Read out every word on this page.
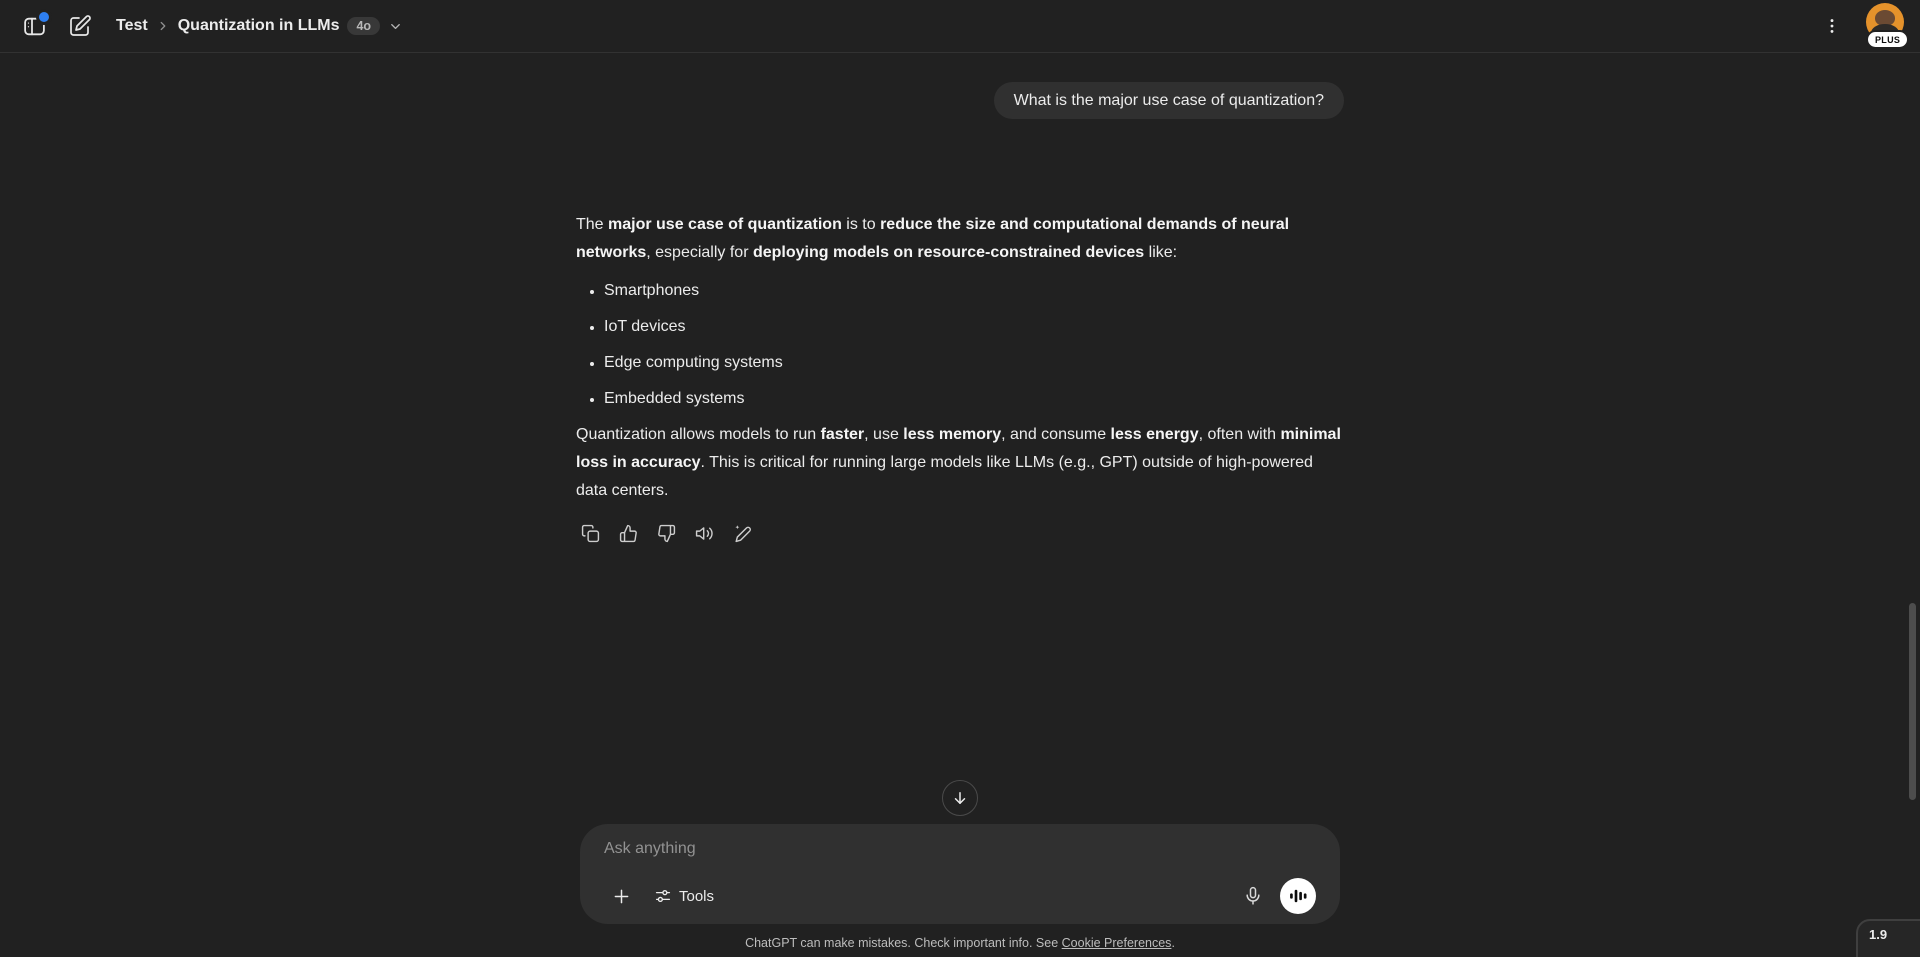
Test Quantization in LLMs	4o
PLUS
What is the major use case of quantization?

The major use case of quantization is to reduce the size and computational demands of neural networks, especially for deploying models on resource-constrained devices like:

• Smartphones
• IoT devices
• Edge computing systems
• Embedded systems

Quantization allows models to run faster, use less memory, and consume less energy, often with minimal loss in accuracy. This is critical for running large models like LLMs (e.g., GPT) outside of high-powered data centers.

Ask anything
Tools
ChatGPT can make mistakes. Check important info. See
Cookie Preferences .
1.9
